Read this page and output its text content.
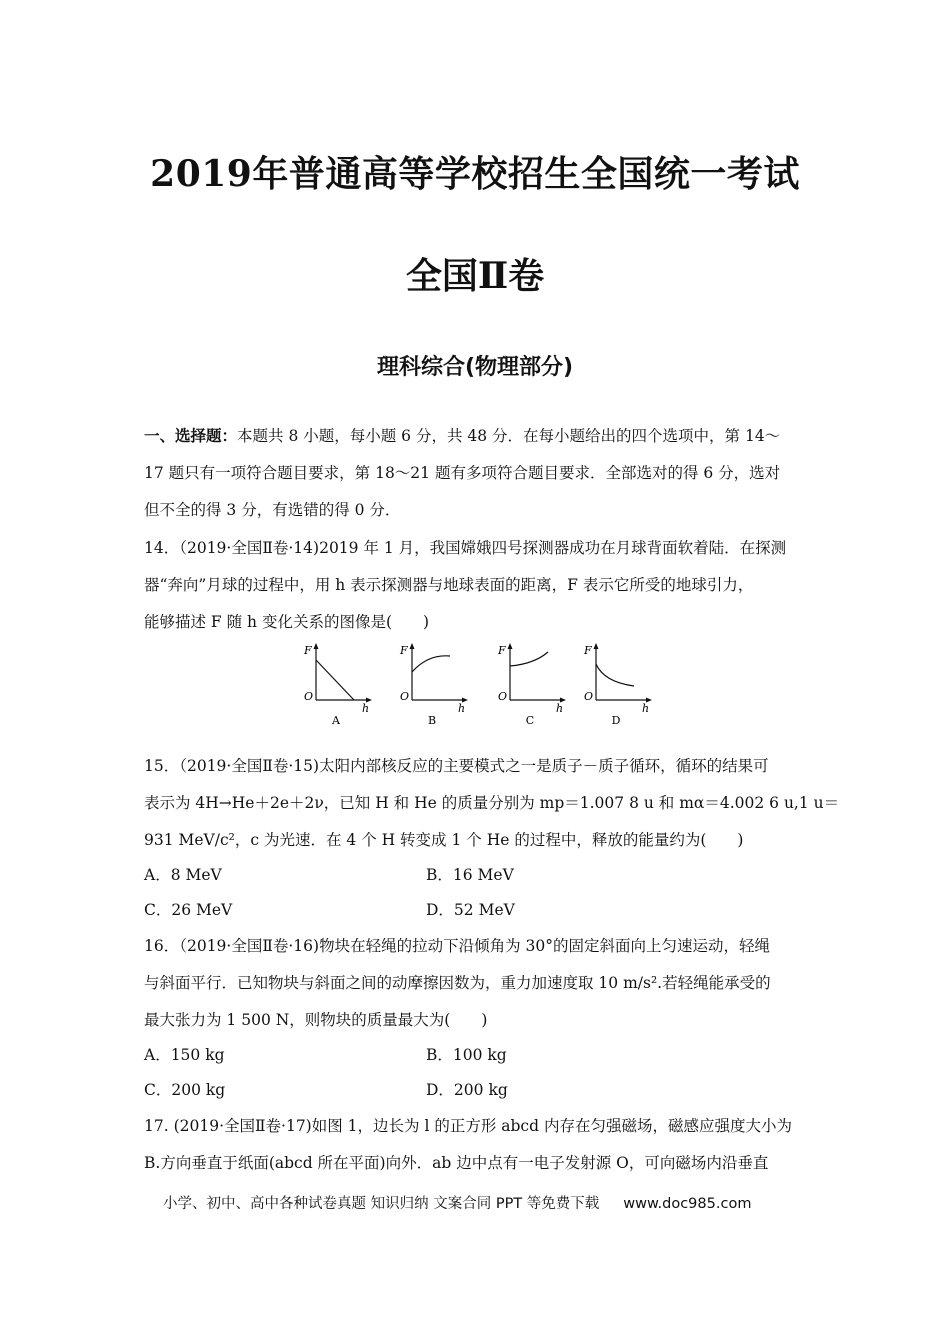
2019年普通高等学校招生全国统一考试
全国Ⅱ卷
理科综合(物理部分)
一、选择题：本题共 8 小题，每小题 6 分，共 48 分．在每小题给出的四个选项中，第 14～
17 题只有一项符合题目要求，第 18～21 题有多项符合题目要求．全部选对的得 6 分，选对
但不全的得 3 分，有选错的得 0 分．
14．（2019·全国Ⅱ卷·14)2019 年 1 月，我国嫦娥四号探测器成功在月球背面软着陆．在探测
器“奔向”月球的过程中，用 h 表示探测器与地球表面的距离，F 表示它所受的地球引力，
能够描述 F 随 h 变化关系的图像是(　　)
F
O
h
A
F
O
h
B
F
O
h
C
F
O
h
D
15．（2019·全国Ⅱ卷·15)太阳内部核反应的主要模式之一是质子－质子循环，循环的结果可
表示为 4H→He＋2e＋2ν，已知 H 和 He 的质量分别为 mp＝1.007 8 u 和 mα＝4.002 6 u,1 u＝
931 MeV/c²，c 为光速．在 4 个 H 转变成 1 个 He 的过程中，释放的能量约为(　　)
A．8 MeV	B．16 MeV
C．26 MeV	D．52 MeV
16．（2019·全国Ⅱ卷·16)物块在轻绳的拉动下沿倾角为 30°的固定斜面向上匀速运动，轻绳
与斜面平行．已知物块与斜面之间的动摩擦因数为，重力加速度取 10 m/s².若轻绳能承受的
最大张力为 1 500 N，则物块的质量最大为(　　)
A．150 kg	B．100 kg
C．200 kg	D．200 kg
17. (2019·全国Ⅱ卷·17)如图 1，边长为 l 的正方形 abcd 内存在匀强磁场，磁感应强度大小为
B.方向垂直于纸面(abcd 所在平面)向外．ab 边中点有一电子发射源 O，可向磁场内沿垂直
小学、初中、高中各种试卷真题 知识归纳 文案合同 PPT 等免费下载 www.doc985.com
